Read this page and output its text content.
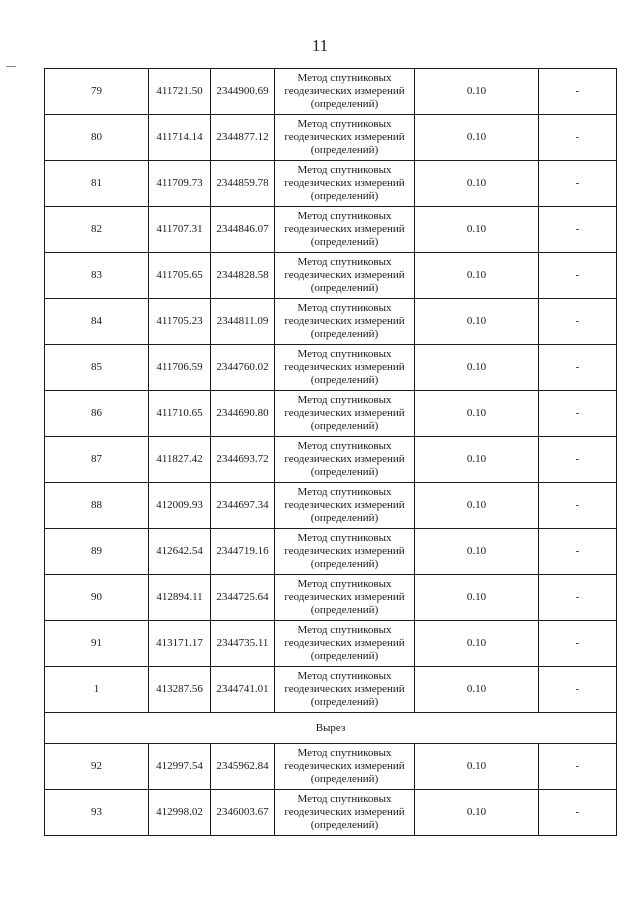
11
79	411721.50	2344900.69	Метод спутниковых
геодезических измерений
(определений)	0.10	-
80	411714.14	2344877.12	Метод спутниковых
геодезических измерений
(определений)	0.10	-
81	411709.73	2344859.78	Метод спутниковых
геодезических измерений
(определений)	0.10	-
82	411707.31	2344846.07	Метод спутниковых
геодезических измерений
(определений)	0.10	-
83	411705.65	2344828.58	Метод спутниковых
геодезических измерений
(определений)	0.10	-
84	411705.23	2344811.09	Метод спутниковых
геодезических измерений
(определений)	0.10	-
85	411706.59	2344760.02	Метод спутниковых
геодезических измерений
(определений)	0.10	-
86	411710.65	2344690.80	Метод спутниковых
геодезических измерений
(определений)	0.10	-
87	411827.42	2344693.72	Метод спутниковых
геодезических измерений
(определений)	0.10	-
88	412009.93	2344697.34	Метод спутниковых
геодезических измерений
(определений)	0.10	-
89	412642.54	2344719.16	Метод спутниковых
геодезических измерений
(определений)	0.10	-
90	412894.11	2344725.64	Метод спутниковых
геодезических измерений
(определений)	0.10	-
91	413171.17	2344735.11	Метод спутниковых
геодезических измерений
(определений)	0.10	-
1	413287.56	2344741.01	Метод спутниковых
геодезических измерений
(определений)	0.10	-
Вырез					
92	412997.54	2345962.84	Метод спутниковых
геодезических измерений
(определений)	0.10	-
93	412998.02	2346003.67	Метод спутниковых
геодезических измерений
(определений)	0.10	-
